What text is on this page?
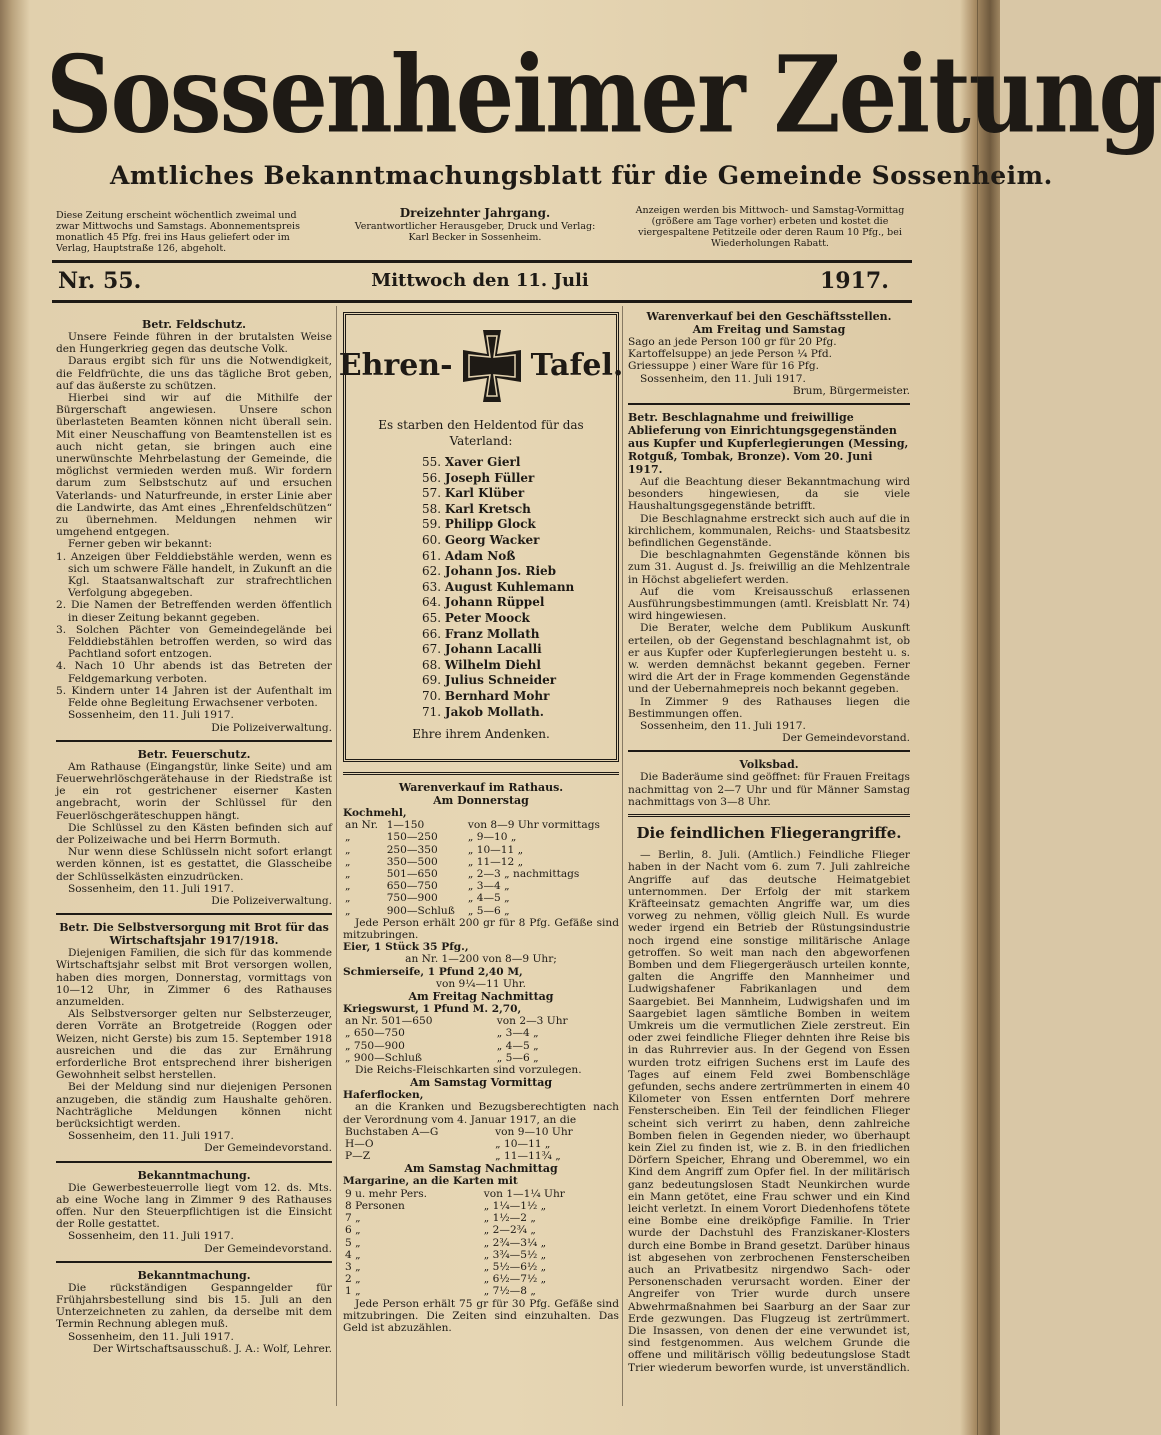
Sossenheimer Zeitung
Amtliches Bekanntmachungsblatt für die Gemeinde Sossenheim.
Diese Zeitung erscheint wöchentlich zweimal und zwar Mittwochs und Samstags. Abonnementspreis monatlich 45 Pfg. frei ins Haus geliefert oder im Verlag, Hauptstraße 126, abgeholt.
Dreizehnter Jahrgang.
Verantwortlicher Herausgeber, Druck und Verlag: Karl Becker in Sossenheim.
Anzeigen werden bis Mittwoch- und Samstag-Vormittag (größere am Tage vorher) erbeten und kostet die viergespaltene Petitzeile oder deren Raum 10 Pfg., bei Wiederholungen Rabatt.
Nr. 55.	Mittwoch den 11. Juli	1917.
Betr. Feldschutz.

Unsere Feinde führen in der brutalsten Weise den Hungerkrieg gegen das deutsche Volk.

Daraus ergibt sich für uns die Notwendigkeit, die Feldfrüchte, die uns das tägliche Brot geben, auf das äußerste zu schützen.

Hierbei sind wir auf die Mithilfe der Bürgerschaft angewiesen. Unsere schon überlasteten Beamten können nicht überall sein. Mit einer Neuschaffung von Beamtenstellen ist es auch nicht getan, sie bringen auch eine unerwünschte Mehrbelastung der Gemeinde, die möglichst vermieden werden muß. Wir fordern darum zum Selbstschutz auf und ersuchen Vaterlands- und Naturfreunde, in erster Linie aber die Landwirte, das Amt eines „Ehrenfeldschützen“ zu übernehmen. Meldungen nehmen wir umgehend entgegen.

Ferner geben wir bekannt:

1. Anzeigen über Felddiebstähle werden, wenn es sich um schwere Fälle handelt, in Zukunft an die Kgl. Staatsanwaltschaft zur strafrechtlichen Verfolgung abgegeben.
2. Die Namen der Betreffenden werden öffentlich in dieser Zeitung bekannt gegeben.
3. Solchen Pächter von Gemeindegelände bei Felddiebstählen betroffen werden, so wird das Pachtland sofort entzogen.
4. Nach 10 Uhr abends ist das Betreten der Feldgemarkung verboten.
5. Kindern unter 14 Jahren ist der Aufenthalt im Felde ohne Begleitung Erwachsener verboten.

Sossenheim, den 11. Juli 1917.

Die Polizeiverwaltung.
Betr. Feuerschutz.

Am Rathause (Eingangstür, linke Seite) und am Feuerwehrlöschgerätehause in der Riedstraße ist je ein rot gestrichener eiserner Kasten angebracht, worin der Schlüssel für den Feuerlöschgeräteschuppen hängt.

Die Schlüssel zu den Kästen befinden sich auf der Polizeiwache und bei Herrn Bormuth.

Nur wenn diese Schlüsseln nicht sofort erlangt werden können, ist es gestattet, die Glasscheibe der Schlüsselkästen einzudrücken.

Sossenheim, den 11. Juli 1917.

Die Polizeiverwaltung.
Betr. Die Selbstversorgung mit Brot für das Wirtschaftsjahr 1917/1918.

Diejenigen Familien, die sich für das kommende Wirtschaftsjahr selbst mit Brot versorgen wollen, haben dies morgen, Donnerstag, vormittags von 10—12 Uhr, in Zimmer 6 des Rathauses anzumelden.

Als Selbstversorger gelten nur Selbsterzeuger, deren Vorräte an Brotgetreide (Roggen oder Weizen, nicht Gerste) bis zum 15. September 1918 ausreichen und die das zur Ernährung erforderliche Brot entsprechend ihrer bisherigen Gewohnheit selbst herstellen.

Bei der Meldung sind nur diejenigen Personen anzugeben, die ständig zum Haushalte gehören. Nachträgliche Meldungen können nicht berücksichtigt werden.

Sossenheim, den 11. Juli 1917.

Der Gemeindevorstand.
Bekanntmachung.

Die Gewerbesteuerrolle liegt vom 12. ds. Mts. ab eine Woche lang in Zimmer 9 des Rathauses offen. Nur den Steuerpflichtigen ist die Einsicht der Rolle gestattet.

Sossenheim, den 11. Juli 1917.

Der Gemeindevorstand.
Bekanntmachung.

Die rückständigen Gespanngelder für Frühjahrsbestellung sind bis 15. Juli an den Unterzeichneten zu zahlen, da derselbe mit dem Termin Rechnung ablegen muß.

Sossenheim, den 11. Juli 1917.

Der Wirtschaftsausschuß. J. A.: Wolf, Lehrer.
Ehren-	Tafel.
Es starben den Heldentod für das Vaterland:
55. Xaver Gierl
56. Joseph Füller
57. Karl Klüber
58. Karl Kretsch
59. Philipp Glock
60. Georg Wacker
61. Adam Noß
62. Johann Jos. Rieb
63. August Kuhlemann
64. Johann Rüppel
65. Peter Moock
66. Franz Mollath
67. Johann Lacalli
68. Wilhelm Diehl
69. Julius Schneider
70. Bernhard Mohr
71. Jakob Mollath.
Ehre ihrem Andenken.
Warenverkauf im Rathaus.
Am Donnerstag
Kochmehl,
an Nr.	1—150	von 8—9 Uhr vormittags
„	150—250	„ 9—10 „
„	250—350	„ 10—11 „
„	350—500	„ 11—12 „
„	501—650	„ 2—3 „ nachmittags
„	650—750	„ 3—4 „
„	750—900	„ 4—5 „
„	900—Schluß	„ 5—6 „

Jede Person erhält 200 gr für 8 Pfg. Gefäße sind mitzubringen.

Eier, 1 Stück 35 Pfg.,
an Nr. 1—200 von 8—9 Uhr;
Schmierseife, 1 Pfund 2,40 M,
von 9¼—11 Uhr.
Am Freitag Nachmittag
Kriegswurst, 1 Pfund M. 2,70,
an Nr. 501—650	von 2—3 Uhr
„ 650—750	„ 3—4 „
„ 750—900	„ 4—5 „
„ 900—Schluß	„ 5—6 „

Die Reichs-Fleischkarten sind vorzulegen.

Am Samstag Vormittag
Haferflocken,

an die Kranken und Bezugsberechtigten nach der Verordnung vom 4. Januar 1917, an die

Buchstaben A—G	von 9—10 Uhr
H—O	„ 10—11 „
P—Z	„ 11—11¾ „
Am Samstag Nachmittag
Margarine, an die Karten mit
9 u. mehr Pers.	von 1—1¼ Uhr
8 Personen	„ 1¼—1½ „
7 „	„ 1½—2 „
6 „	„ 2—2¾ „
5 „	„ 2¾—3¼ „
4 „	„ 3¾—5½ „
3 „	„ 5½—6½ „
2 „	„ 6½—7½ „
1 „	„ 7½—8 „

Jede Person erhält 75 gr für 30 Pfg. Gefäße sind mitzubringen. Die Zeiten sind einzuhalten. Das Geld ist abzuzählen.

Warenverkauf bei den Geschäftsstellen.
Am Freitag und Samstag
Sago an jede Person 100 gr für 20 Pfg.
Kartoffelsuppe) an jede Person ¼ Pfd.
Griessuppe ) einer Ware für 16 Pfg.

Sossenheim, den 11. Juli 1917.

Brum, Bürgermeister.
Betr. Beschlagnahme und freiwillige Ablieferung von Einrichtungsgegenständen aus Kupfer und Kupferlegierungen (Messing, Rotguß, Tombak, Bronze). Vom 20. Juni 1917.

Auf die Beachtung dieser Bekanntmachung wird besonders hingewiesen, da sie viele Haushaltungsgegenstände betrifft.

Die Beschlagnahme erstreckt sich auch auf die in kirchlichem, kommunalen, Reichs- und Staatsbesitz befindlichen Gegenstände.

Die beschlagnahmten Gegenstände können bis zum 31. August d. Js. freiwillig an die Mehlzentrale in Höchst abgeliefert werden.

Auf die vom Kreisausschuß erlassenen Ausführungsbestimmungen (amtl. Kreisblatt Nr. 74) wird hingewiesen.

Die Berater, welche dem Publikum Auskunft erteilen, ob der Gegenstand beschlagnahmt ist, ob er aus Kupfer oder Kupferlegierungen besteht u. s. w. werden demnächst bekannt gegeben. Ferner wird die Art der in Frage kommenden Gegenstände und der Uebernahmepreis noch bekannt gegeben.

In Zimmer 9 des Rathauses liegen die Bestimmungen offen.

Sossenheim, den 11. Juli 1917.

Der Gemeindevorstand.
Volksbad.

Die Baderäume sind geöffnet: für Frauen Freitags nachmittag von 2—7 Uhr und für Männer Samstag nachmittags von 3—8 Uhr.

Die feindlichen Fliegerangriffe.

— Berlin, 8. Juli. (Amtlich.) Feindliche Flieger haben in der Nacht vom 6. zum 7. Juli zahlreiche Angriffe auf das deutsche Heimatgebiet unternommen. Der Erfolg der mit starkem Kräfteeinsatz gemachten Angriffe war, um dies vorweg zu nehmen, völlig gleich Null. Es wurde weder irgend ein Betrieb der Rüstungsindustrie noch irgend eine sonstige militärische Anlage getroffen. So weit man nach den abgeworfenen Bomben und dem Fliegergeräusch urteilen konnte, galten die Angriffe den Mannheimer und Ludwigshafener Fabrikanlagen und dem Saargebiet. Bei Mannheim, Ludwigshafen und im Saargebiet lagen sämtliche Bomben in weitem Umkreis um die vermutlichen Ziele zerstreut. Ein oder zwei feindliche Flieger dehnten ihre Reise bis in das Ruhrrevier aus. In der Gegend von Essen wurden trotz eifrigen Suchens erst im Laufe des Tages auf einem Feld zwei Bombenschläge gefunden, sechs andere zertrümmerten in einem 40 Kilometer von Essen entfernten Dorf mehrere Fensterscheiben. Ein Teil der feindlichen Flieger scheint sich verirrt zu haben, denn zahlreiche Bomben fielen in Gegenden nieder, wo überhaupt kein Ziel zu finden ist, wie z. B. in den friedlichen Dörfern Speicher, Ehrang und Oberemmel, wo ein Kind dem Angriff zum Opfer fiel. In der militärisch ganz bedeutungslosen Stadt Neunkirchen wurde ein Mann getötet, eine Frau schwer und ein Kind leicht verletzt. In einem Vorort Diedenhofens tötete eine Bombe eine dreiköpfige Familie. In Trier wurde der Dachstuhl des Franziskaner-Klosters durch eine Bombe in Brand gesetzt. Darüber hinaus ist abgesehen von zerbrochenen Fensterscheiben auch an Privatbesitz nirgendwo Sach- oder Personenschaden verursacht worden. Einer der Angreifer von Trier wurde durch unsere Abwehrmaßnahmen bei Saarburg an der Saar zur Erde gezwungen. Das Flugzeug ist zertrümmert. Die Insassen, von denen der eine verwundet ist, sind festgenommen. Aus welchem Grunde die offene und militärisch völlig bedeutungslose Stadt Trier wiederum beworfen wurde, ist unverständlich.
